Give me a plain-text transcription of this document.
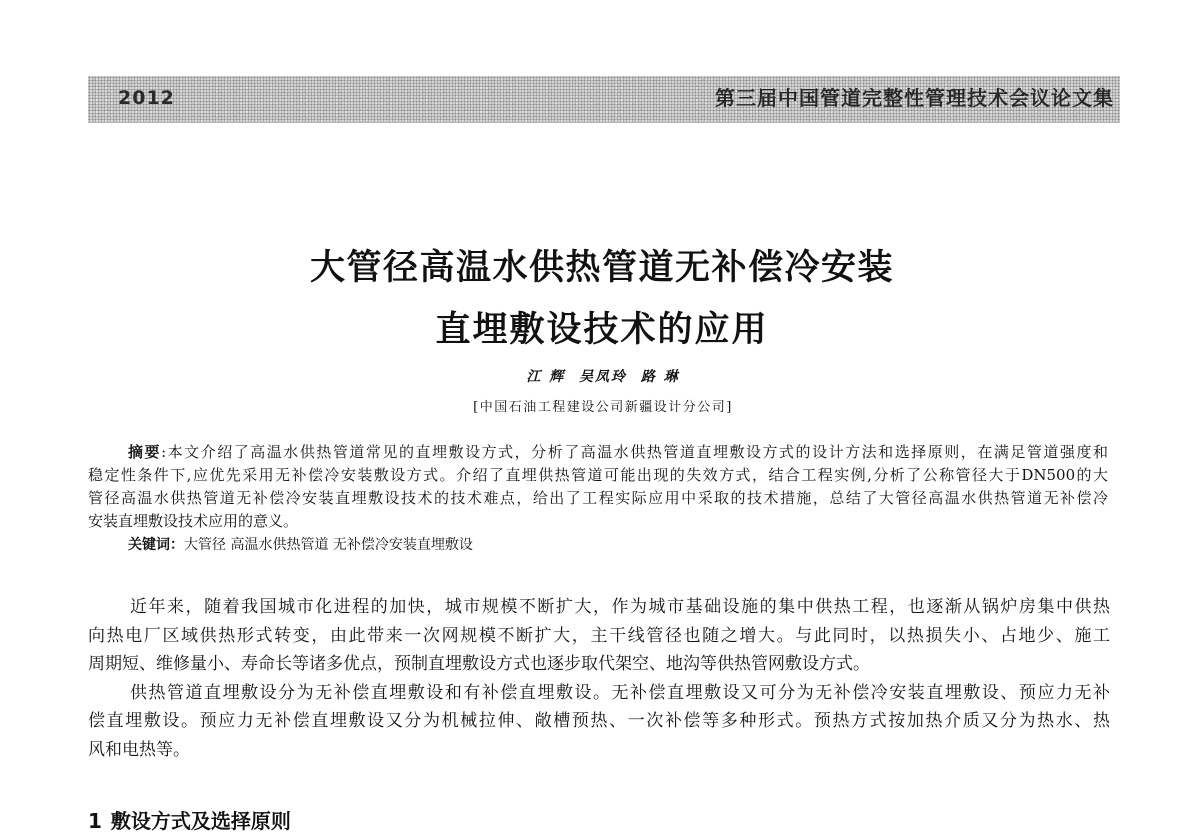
2012	第三届中国管道完整性管理技术会议论文集
大管径高温水供热管道无补偿冷安装
直埋敷设技术的应用
江 辉  吴凤玲  路 琳
[中国石油工程建设公司新疆设计分公司]
摘要:本文介绍了高温水供热管道常见的直埋敷设方式，分析了高温水供热管道直埋敷设方式的设计方法和选择原则，在满足管道强度和
稳定性条件下,应优先采用无补偿冷安装敷设方式。介绍了直埋供热管道可能出现的失效方式，结合工程实例,分析了公称管径大于DN500的大
管径高温水供热管道无补偿冷安装直埋敷设技术的技术难点，给出了工程实际应用中采取的技术措施，总结了大管径高温水供热管道无补偿冷
安装直埋敷设技术应用的意义。
关键词：大管径 高温水供热管道 无补偿冷安装直埋敷设
近年来，随着我国城市化进程的加快，城市规模不断扩大，作为城市基础设施的集中供热工程，也逐渐从锅炉房集中供热
向热电厂区域供热形式转变，由此带来一次网规模不断扩大，主干线管径也随之增大。与此同时，以热损失小、占地少、施工
周期短、维修量小、寿命长等诸多优点，预制直埋敷设方式也逐步取代架空、地沟等供热管网敷设方式。
供热管道直埋敷设分为无补偿直埋敷设和有补偿直埋敷设。无补偿直埋敷设又可分为无补偿冷安装直埋敷设、预应力无补
偿直埋敷设。预应力无补偿直埋敷设又分为机械拉伸、敞槽预热、一次补偿等多种形式。预热方式按加热介质又分为热水、热
风和电热等。
1 敷设方式及选择原则
